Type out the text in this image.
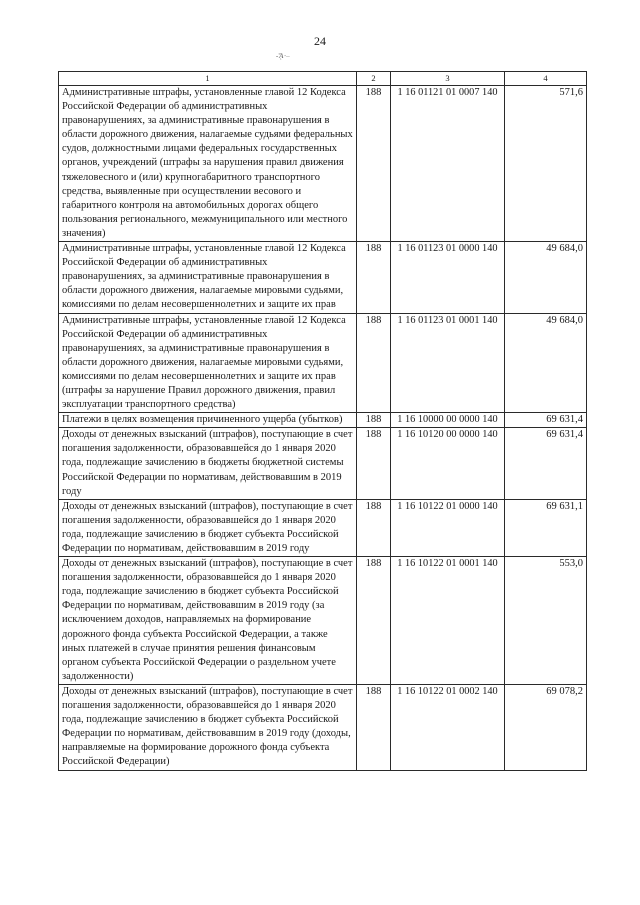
24
-ᾍ·–
1	2	3	4
Административные штрафы, установленные главой 12 Кодекса Российской Федерации об административных правонарушениях, за административные правонарушения в области дорожного движения, налагаемые судьями федеральных судов, должностными лицами федеральных государственных органов, учреждений (штрафы за нарушения правил движения тяжеловесного и (или) крупногабаритного транспортного средства, выявленные при осуществлении весового и габаритного контроля на автомобильных дорогах общего пользования регионального, межмуниципального или местного значения)	188	1 16 01121 01 0007 140	571,6
Административные штрафы, установленные главой 12 Кодекса Российской Федерации об административных правонарушениях, за административные правонарушения в области дорожного движения, налагаемые мировыми судьями, комиссиями по делам несовершеннолетних и защите их прав	188	1 16 01123 01 0000 140	49 684,0
Административные штрафы, установленные главой 12 Кодекса Российской Федерации об административных правонарушениях, за административные правонарушения в области дорожного движения, налагаемые мировыми судьями, комиссиями по делам несовершеннолетних и защите их прав (штрафы за нарушение Правил дорожного движения, правил эксплуатации транспортного средства)	188	1 16 01123 01 0001 140	49 684,0
Платежи в целях возмещения причиненного ущерба (убытков)	188	1 16 10000 00 0000 140	69 631,4
Доходы от денежных взысканий (штрафов), поступающие в счет погашения задолженности, образовавшейся до 1 января 2020 года, подлежащие зачислению в бюджеты бюджетной системы Российской Федерации по нормативам, действовавшим в 2019 году	188	1 16 10120 00 0000 140	69 631,4
Доходы от денежных взысканий (штрафов), поступающие в счет погашения задолженности, образовавшейся до 1 января 2020 года, подлежащие зачислению в бюджет субъекта Российской Федерации по нормативам, действовавшим в 2019 году	188	1 16 10122 01 0000 140	69 631,1
Доходы от денежных взысканий (штрафов), поступающие в счет погашения задолженности, образовавшейся до 1 января 2020 года, подлежащие зачислению в бюджет субъекта Российской Федерации по нормативам, действовавшим в 2019 году (за исключением доходов, направляемых на формирование дорожного фонда субъекта Российской Федерации, а также иных платежей в случае принятия решения финансовым органом субъекта Российской Федерации о раздельном учете задолженности)	188	1 16 10122 01 0001 140	553,0
Доходы от денежных взысканий (штрафов), поступающие в счет погашения задолженности, образовавшейся до 1 января 2020 года, подлежащие зачислению в бюджет субъекта Российской Федерации по нормативам, действовавшим в 2019 году (доходы, направляемые на формирование дорожного фонда субъекта Российской Федерации)	188	1 16 10122 01 0002 140	69 078,2
